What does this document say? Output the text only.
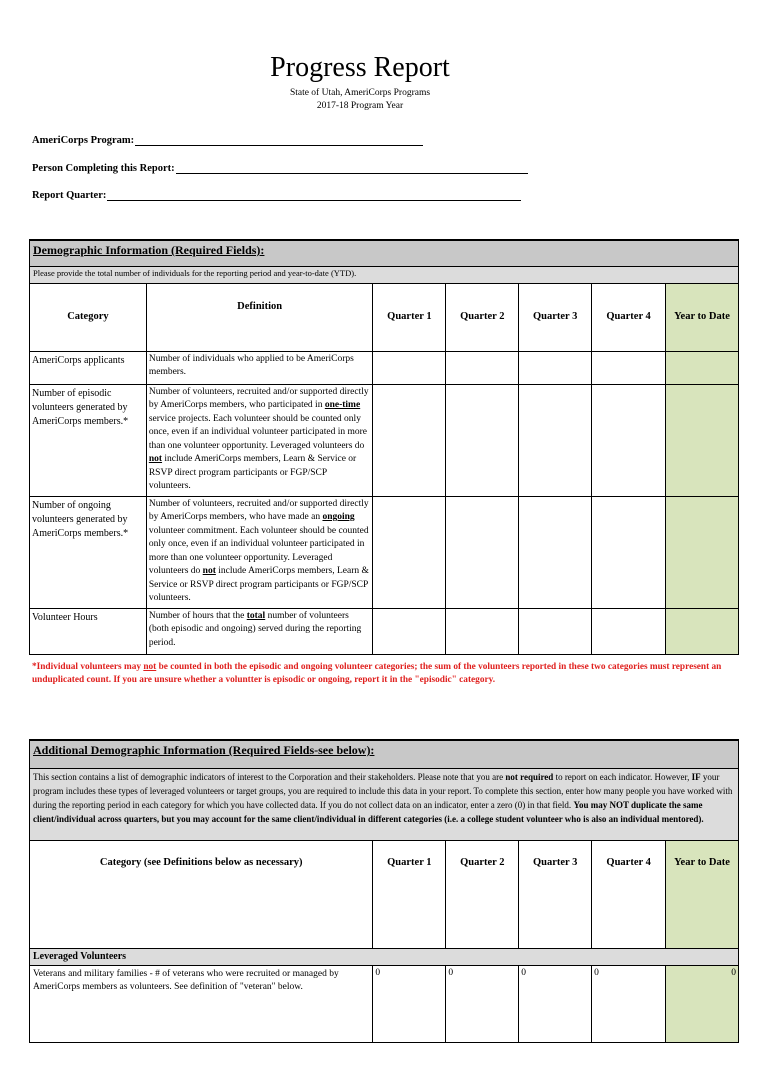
Progress Report
State of Utah, AmeriCorps Programs
2017-18 Program Year
AmeriCorps Program:
Person Completing this Report:
Report Quarter:
Demographic Information (Required Fields):						
Please provide the total number of individuals for the reporting period and year-to-date (YTD).						
Category	Definition	Quarter 1	Quarter 2	Quarter 3	Quarter 4	Year to Date
AmeriCorps applicants	Number of individuals who applied to be AmeriCorps members.					
Number of episodic volunteers generated by AmeriCorps members.*	Number of volunteers, recruited and/or supported directly by AmeriCorps members, who participated in one-time service projects. Each volunteer should be counted only once, even if an individual volunteer participated in more than one volunteer opportunity. Leveraged volunteers do not include AmeriCorps members, Learn & Service or RSVP direct program participants or FGP/SCP volunteers.					
Number of ongoing volunteers generated by AmeriCorps members.*	Number of volunteers, recruited and/or supported directly by AmeriCorps members, who have made an ongoing volunteer commitment. Each volunteer should be counted only once, even if an individual volunteer participated in more than one volunteer opportunity. Leveraged volunteers do not include AmeriCorps members, Learn & Service or RSVP direct program participants or FGP/SCP volunteers.					
Volunteer Hours	Number of hours that the total number of volunteers (both episodic and ongoing) served during the reporting period.					
*Individual volunteers may not be counted in both the episodic and ongoing volunteer categories; the sum of the volunteers reported in these two categories must represent an unduplicated count. If you are unsure whether a voluntter is episodic or ongoing, report it in the "episodic" category.
Additional Demographic Information (Required Fields-see below):					
This section contains a list of demographic indicators of interest to the Corporation and their stakeholders. Please note that you are not required to report on each indicator. However, IF your program includes these types of leveraged volunteers or target groups, you are required to include this data in your report. To complete this section, enter how many people you have worked with during the reporting period in each category for which you have collected data. If you do not collect data on an indicator, enter a zero (0) in that field. You may NOT duplicate the same client/individual across quarters, but you may account for the same client/individual in different categories (i.e. a college student volunteer who is also an individual mentored).					
Category (see Definitions below as necessary)	Quarter 1	Quarter 2	Quarter 3	Quarter 4	Year to Date
Leveraged Volunteers					
Veterans and military families - # of veterans who were recruited or managed by AmeriCorps members as volunteers. See definition of "veteran" below.	0	0	0	0	0
